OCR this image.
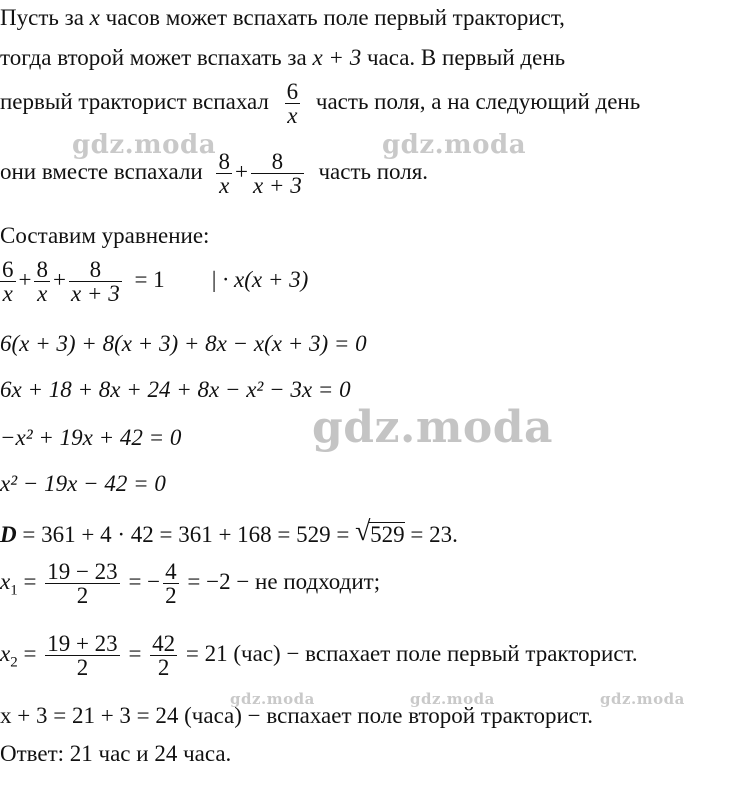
Пусть за x часов может вспахать поле первый тракторист,
тогда второй может вспахать за x + 3 часа. В первый день
первый тракторист вспахал $\frac{6}{x}$ часть поля, а на следующий день
они вместе вспахали $\frac{8}{x} + \frac{8}{x + 3}$ часть поля.
Составим уравнение:
$\frac{6}{x} + \frac{8}{x} + \frac{8}{x + 3} = 1$ | · x(x + 3)
6(x + 3) + 8(x + 3) + 8x − x(x + 3) = 0
6x + 18 + 8x + 24 + 8x − x² − 3x = 0
−x² + 19x + 42 = 0
x² − 19x − 42 = 0
D = 361 + 4 · 42 = 361 + 168 = 529 = √ 529 = 23.
$x_1 = \frac{19 - 23}{2}$ = − $\frac{4}{2} = -2$ − не подходит;
$x_2 = \frac{19 + 23}{2} = \frac{42}{2} = 21$ (час) − вспахает поле первый тракторист.
x + 3 = 21 + 3 = 24 (часа) − вспахает поле второй тракторист.
Ответ: 21 час и 24 часа.
gdz.moda	gdz.moda
gdz.moda
gdz.moda	gdz.moda	gdz.moda
